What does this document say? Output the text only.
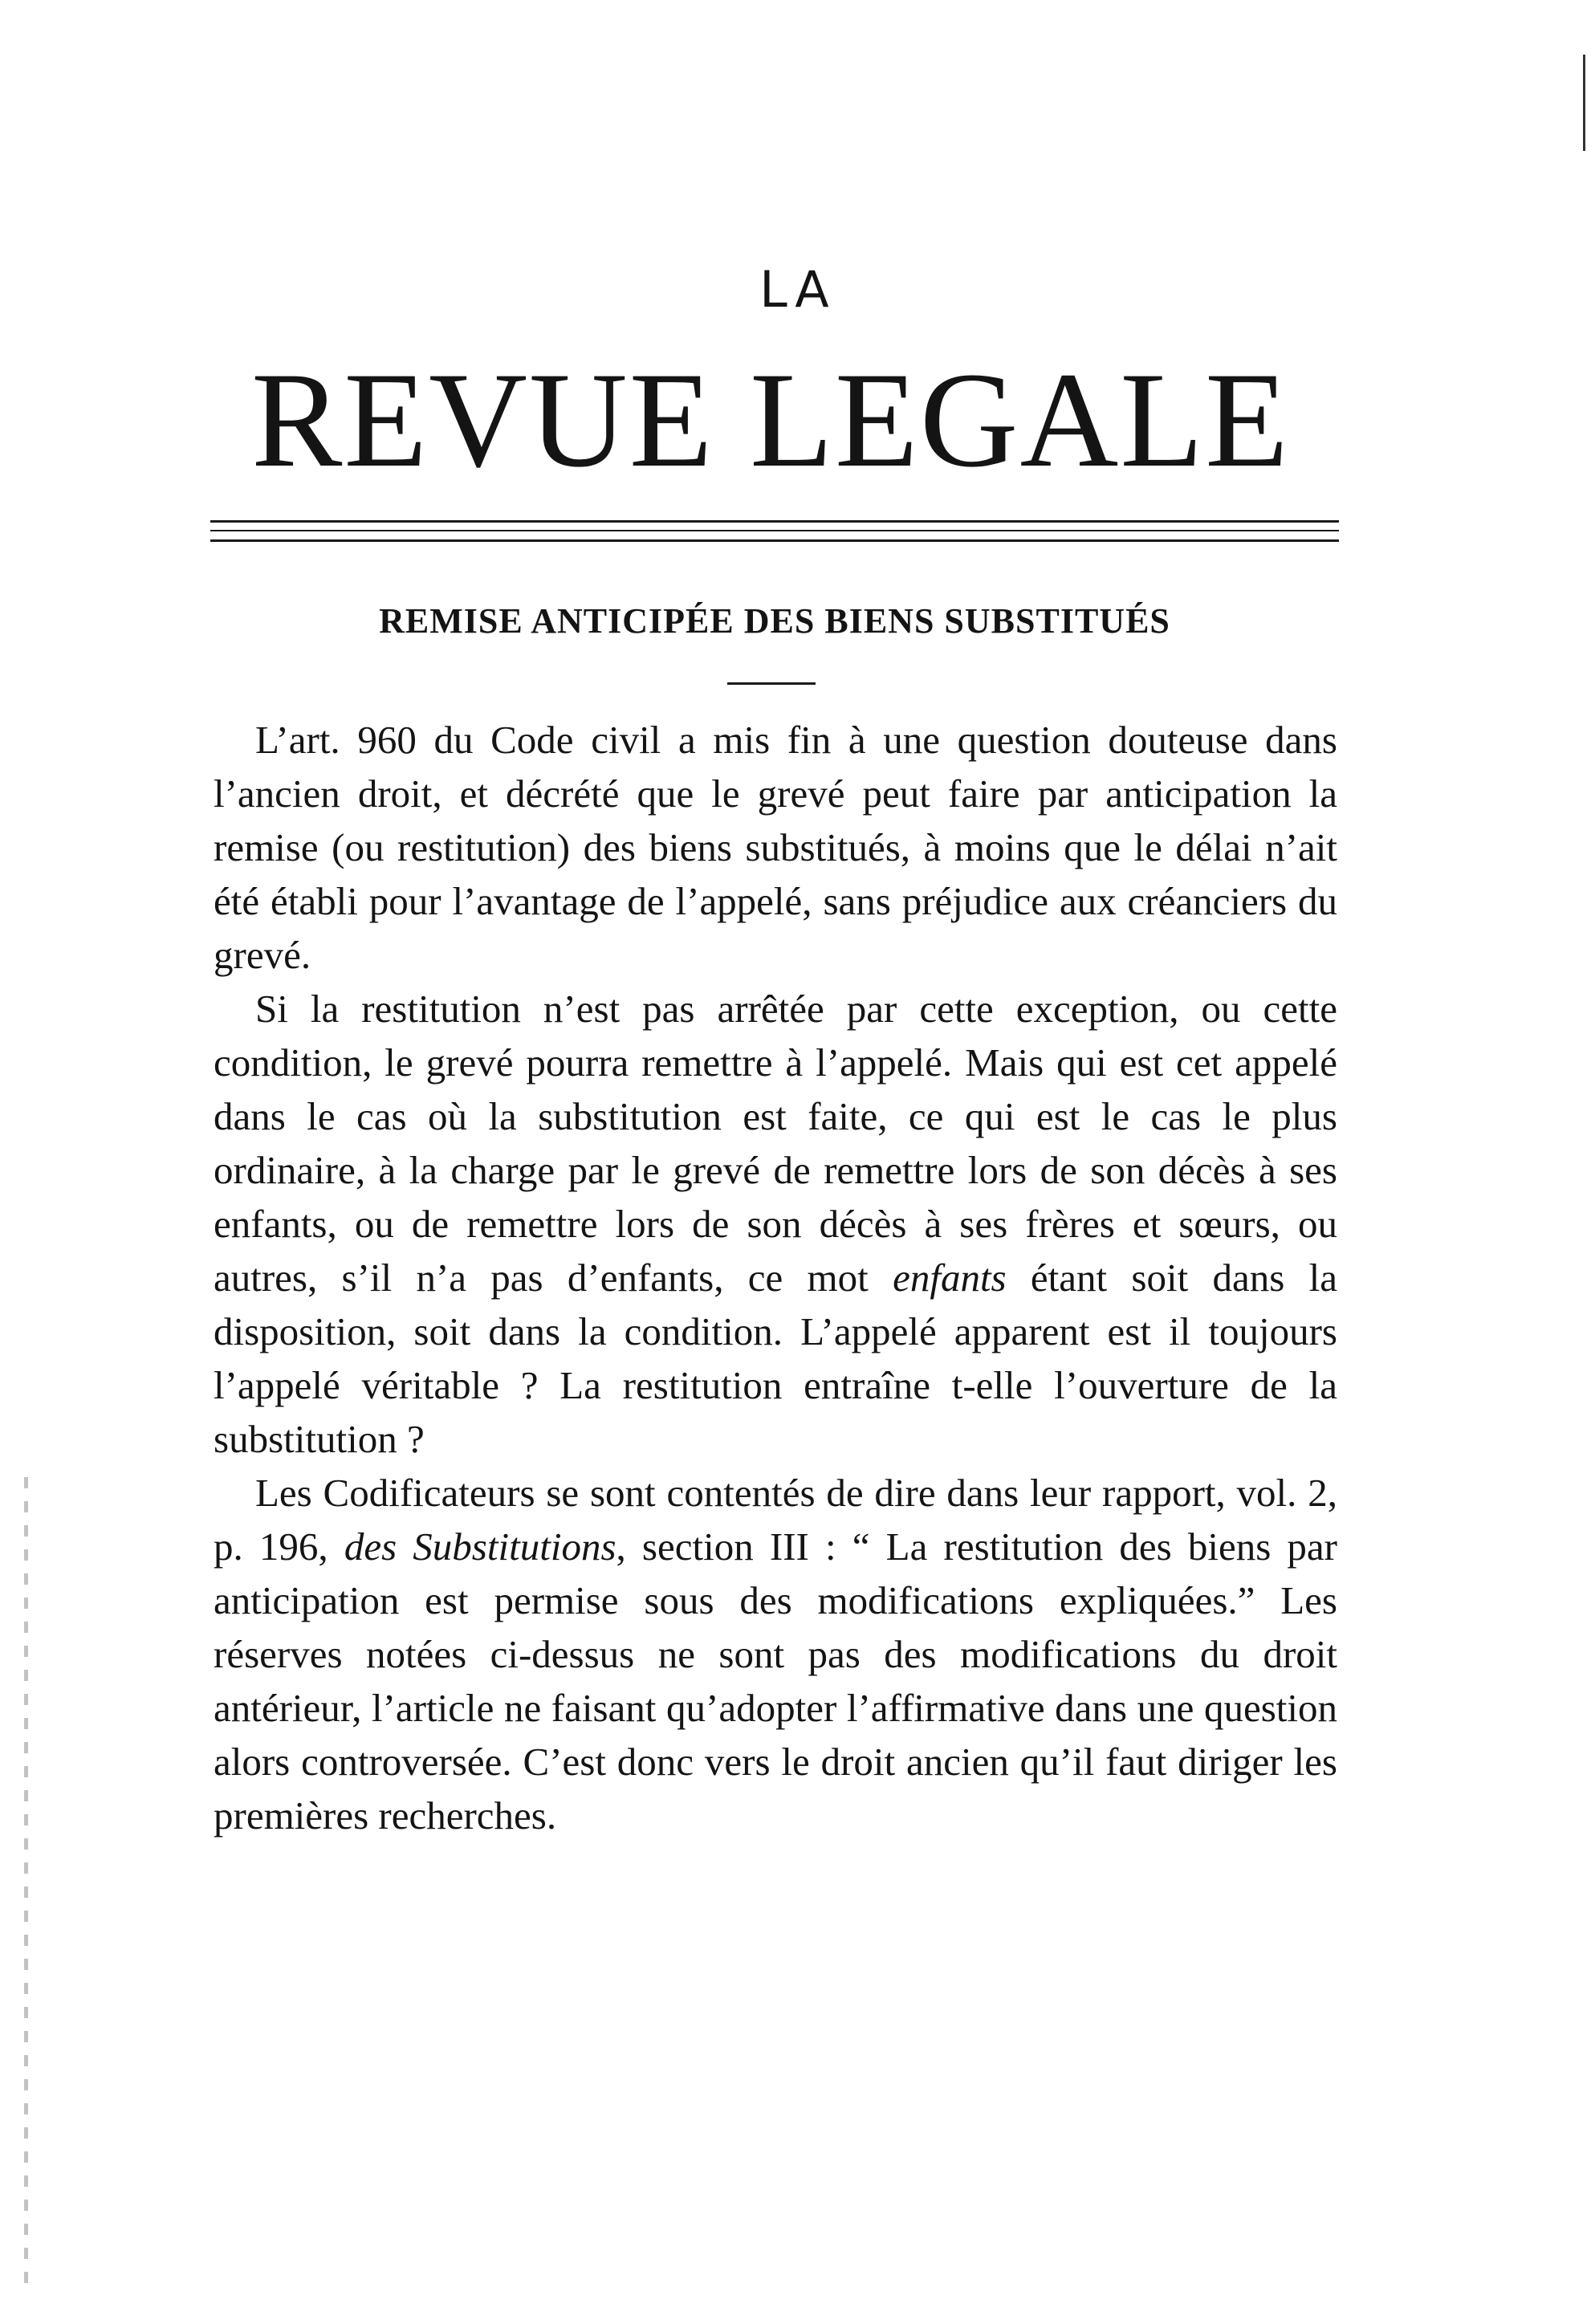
LA
REVUE LEGALE
REMISE ANTICIPÉE DES BIENS SUBSTITUÉS

L’art. 960 du Code civil a mis fin à une question douteuse dans l’ancien droit, et décrété que le grevé peut faire par anticipation la remise (ou restitution) des biens substitués, à moins que le délai n’ait été établi pour l’avantage de l’appelé, sans préjudice aux créanciers du grevé.

Si la restitution n’est pas arrêtée par cette exception, ou cette condition, le grevé pourra remettre à l’appelé. Mais qui est cet appelé dans le cas où la substitution est faite, ce qui est le cas le plus ordinaire, à la charge par le grevé de remettre lors de son décès à ses enfants, ou de remettre lors de son décès à ses frères et sœurs, ou autres, s’il n’a pas d’enfants, ce mot enfants étant soit dans la disposition, soit dans la condition. L’appelé apparent est il toujours l’appelé véritable ? La restitution entraîne t-elle l’ouverture de la substitution ?

Les Codificateurs se sont contentés de dire dans leur rapport, vol. 2, p. 196, des Substitutions, section III : “ La restitution des biens par anticipation est permise sous des modifications expliquées.” Les réserves notées ci-dessus ne sont pas des modifications du droit antérieur, l’article ne faisant qu’adopter l’affirmative dans une question alors controversée. C’est donc vers le droit ancien qu’il faut diriger les premières recherches.
